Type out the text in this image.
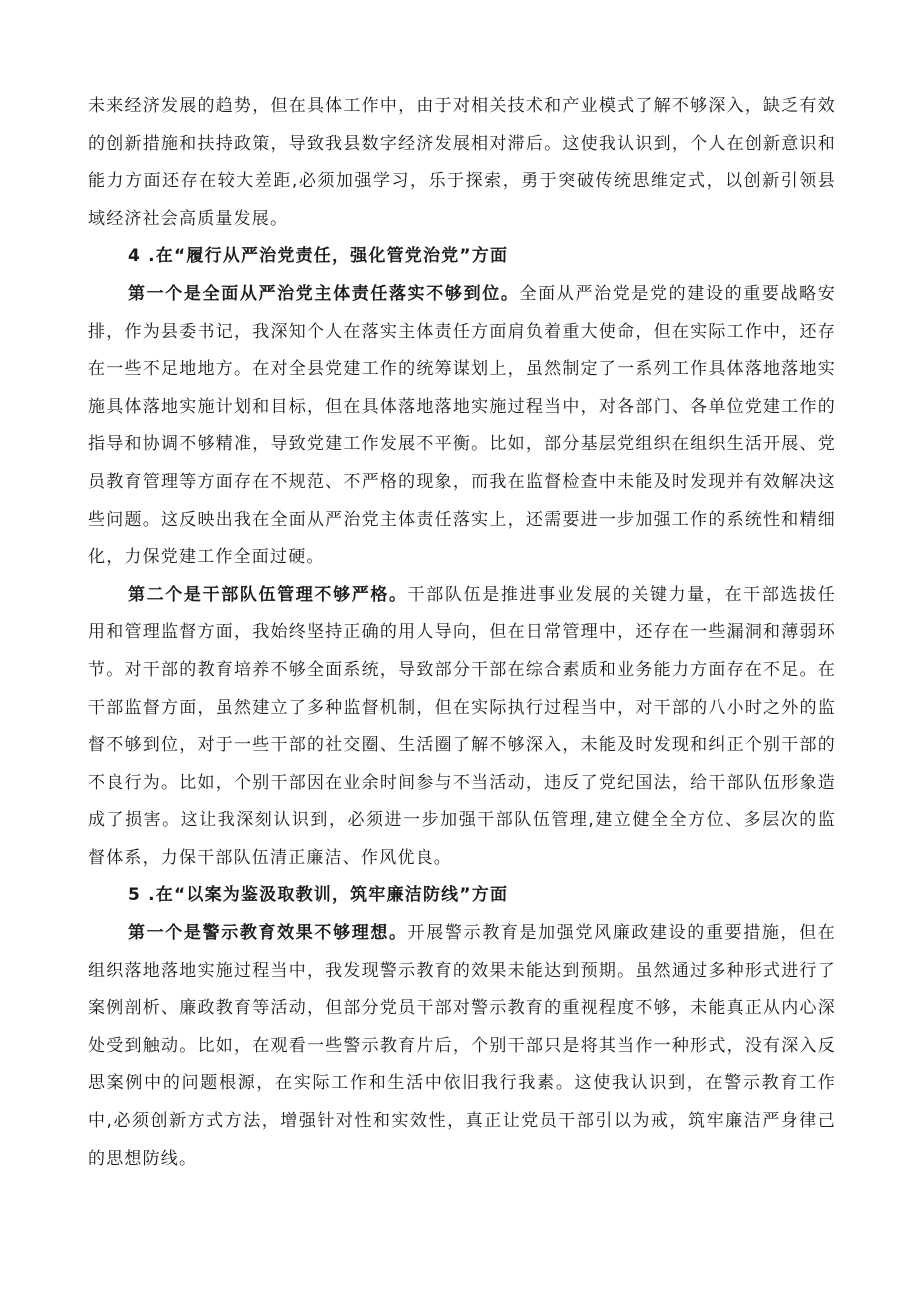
未来经济发展的趋势，但在具体工作中，由于对相关技术和产业模式了解不够深入，缺乏有效的创新措施和扶持政策，导致我县数字经济发展相对滞后。这使我认识到，个人在创新意识和能力方面还存在较大差距,必须加强学习，乐于探索，勇于突破传统思维定式，以创新引领县域经济社会高质量发展。

4 .在“履行从严治党责任，强化管党治党”方面

第一个是全面从严治党主体责任落实不够到位。全面从严治党是党的建设的重要战略安排，作为县委书记，我深知个人在落实主体责任方面肩负着重大使命，但在实际工作中，还存在一些不足地地方。在对全县党建工作的统筹谋划上，虽然制定了一系列工作具体落地落地实施具体落地实施计划和目标，但在具体落地落地实施过程当中，对各部门、各单位党建工作的指导和协调不够精准，导致党建工作发展不平衡。比如，部分基层党组织在组织生活开展、党员教育管理等方面存在不规范、不严格的现象，而我在监督检查中未能及时发现并有效解决这些问题。这反映出我在全面从严治党主体责任落实上，还需要进一步加强工作的系统性和精细化，力保党建工作全面过硬。

第二个是干部队伍管理不够严格。干部队伍是推进事业发展的关键力量，在干部选拔任用和管理监督方面，我始终坚持正确的用人导向，但在日常管理中，还存在一些漏洞和薄弱环节。对干部的教育培养不够全面系统，导致部分干部在综合素质和业务能力方面存在不足。在干部监督方面，虽然建立了多种监督机制，但在实际执行过程当中，对干部的八小时之外的监督不够到位，对于一些干部的社交圈、生活圈了解不够深入，未能及时发现和纠正个别干部的不良行为。比如，个别干部因在业余时间参与不当活动，违反了党纪国法，给干部队伍形象造成了损害。这让我深刻认识到，必须进一步加强干部队伍管理,建立健全全方位、多层次的监督体系，力保干部队伍清正廉洁、作风优良。

5 .在“以案为鉴汲取教训，筑牢廉洁防线”方面

第一个是警示教育效果不够理想。开展警示教育是加强党风廉政建设的重要措施，但在组织落地落地实施过程当中，我发现警示教育的效果未能达到预期。虽然通过多种形式进行了案例剖析、廉政教育等活动，但部分党员干部对警示教育的重视程度不够，未能真正从内心深处受到触动。比如，在观看一些警示教育片后，个别干部只是将其当作一种形式，没有深入反思案例中的问题根源，在实际工作和生活中依旧我行我素。这使我认识到，在警示教育工作中,必须创新方式方法，增强针对性和实效性，真正让党员干部引以为戒，筑牢廉洁严身律己的思想防线。
